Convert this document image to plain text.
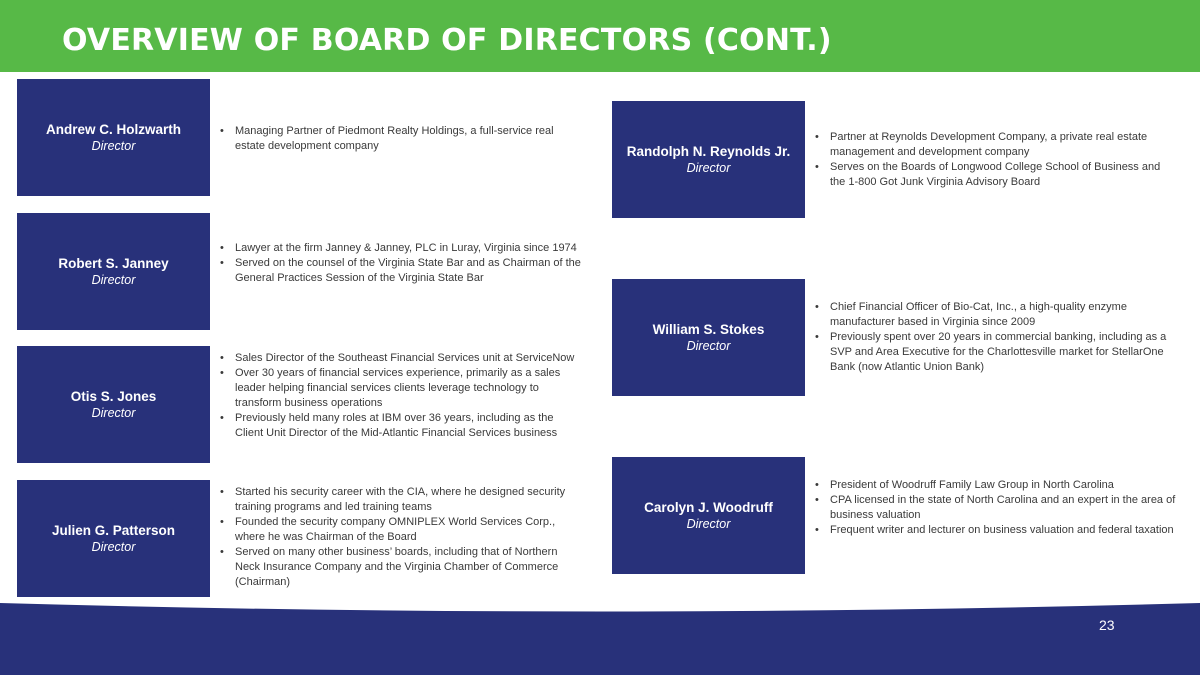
OVERVIEW OF BOARD OF DIRECTORS (CONT.)
Andrew C. Holzwarth
Director
• Managing Partner of Piedmont Realty Holdings, a full-service real estate development company
Robert S. Janney
Director
• Lawyer at the firm Janney & Janney, PLC in Luray, Virginia since 1974
• Served on the counsel of the Virginia State Bar and as Chairman of the General Practices Session of the Virginia State Bar
Otis S. Jones
Director
• Sales Director of the Southeast Financial Services unit at ServiceNow
• Over 30 years of financial services experience, primarily as a sales leader helping financial services clients leverage technology to transform business operations
• Previously held many roles at IBM over 36 years, including as the Client Unit Director of the Mid-Atlantic Financial Services business
Julien G. Patterson
Director
• Started his security career with the CIA, where he designed security training programs and led training teams
• Founded the security company OMNIPLEX World Services Corp., where he was Chairman of the Board
• Served on many other business’ boards, including that of Northern Neck Insurance Company and the Virginia Chamber of Commerce (Chairman)
Randolph N. Reynolds Jr.
Director
• Partner at Reynolds Development Company, a private real estate management and development company
• Serves on the Boards of Longwood College School of Business and the 1-800 Got Junk Virginia Advisory Board
William S. Stokes
Director
• Chief Financial Officer of Bio-Cat, Inc., a high-quality enzyme manufacturer based in Virginia since 2009
• Previously spent over 20 years in commercial banking, including as a SVP and Area Executive for the Charlottesville market for StellarOne Bank (now Atlantic Union Bank)
Carolyn J. Woodruff
Director
• President of Woodruff Family Law Group in North Carolina
• CPA licensed in the state of North Carolina and an expert in the area of business valuation
• Frequent writer and lecturer on business valuation and federal taxation
23
